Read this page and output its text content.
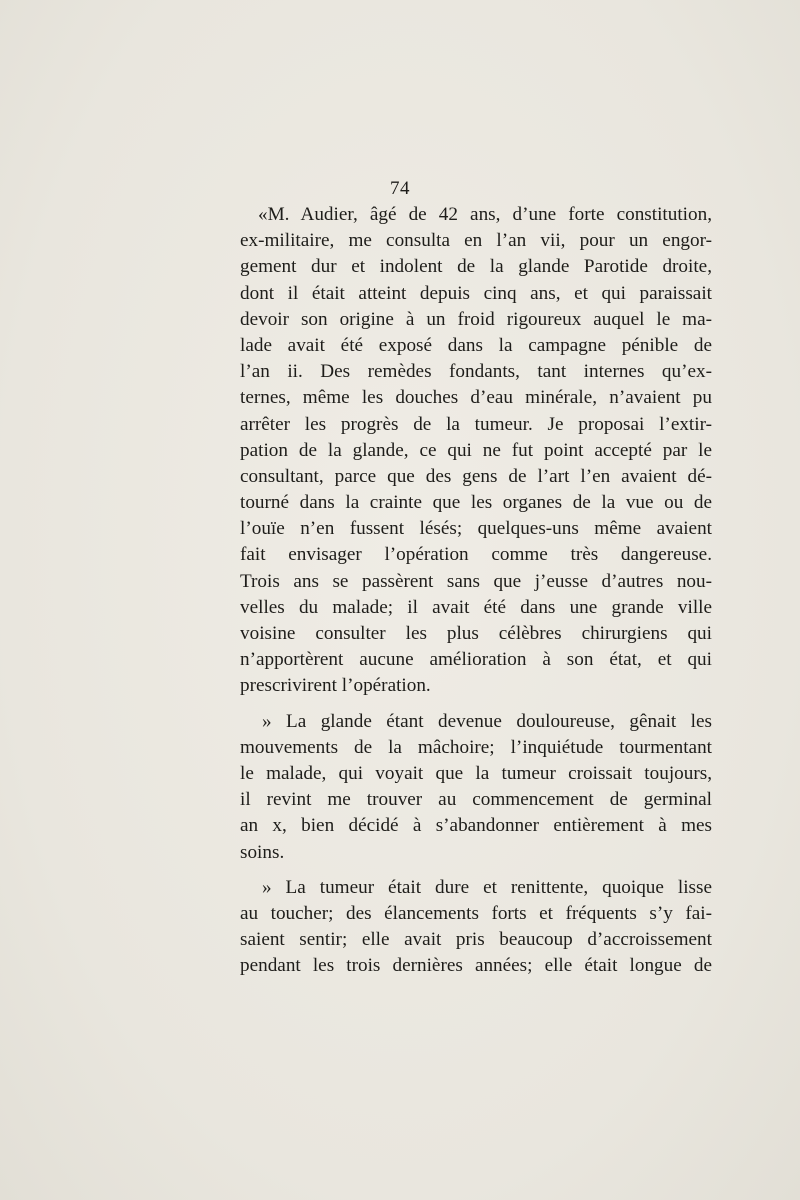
74

«M. Audier, âgé de 42 ans, d’une forte constitution,
ex-militaire, me consulta en l’an vii, pour un engor-
gement dur et indolent de la glande Parotide droite,
dont il était atteint depuis cinq ans, et qui paraissait
devoir son origine à un froid rigoureux auquel le ma-
lade avait été exposé dans la campagne pénible de
l’an ii. Des remèdes fondants, tant internes qu’ex-
ternes, même les douches d’eau minérale, n’avaient pu
arrêter les progrès de la tumeur. Je proposai l’extir-
pation de la glande, ce qui ne fut point accepté par le
consultant, parce que des gens de l’art l’en avaient dé-
tourné dans la crainte que les organes de la vue ou de
l’ouïe n’en fussent lésés; quelques-uns même avaient
fait envisager l’opération comme très dangereuse.
Trois ans se passèrent sans que j’eusse d’autres nou-
velles du malade; il avait été dans une grande ville
voisine consulter les plus célèbres chirurgiens qui
n’apportèrent aucune amélioration à son état, et qui
prescrivirent l’opération.

» La glande étant devenue douloureuse, gênait les
mouvements de la mâchoire; l’inquiétude tourmentant
le malade, qui voyait que la tumeur croissait toujours,
il revint me trouver au commencement de germinal
an x, bien décidé à s’abandonner entièrement à mes
soins.

» La tumeur était dure et renittente, quoique lisse
au toucher; des élancements forts et fréquents s’y fai-
saient sentir; elle avait pris beaucoup d’accroissement
pendant les trois dernières années; elle était longue de
